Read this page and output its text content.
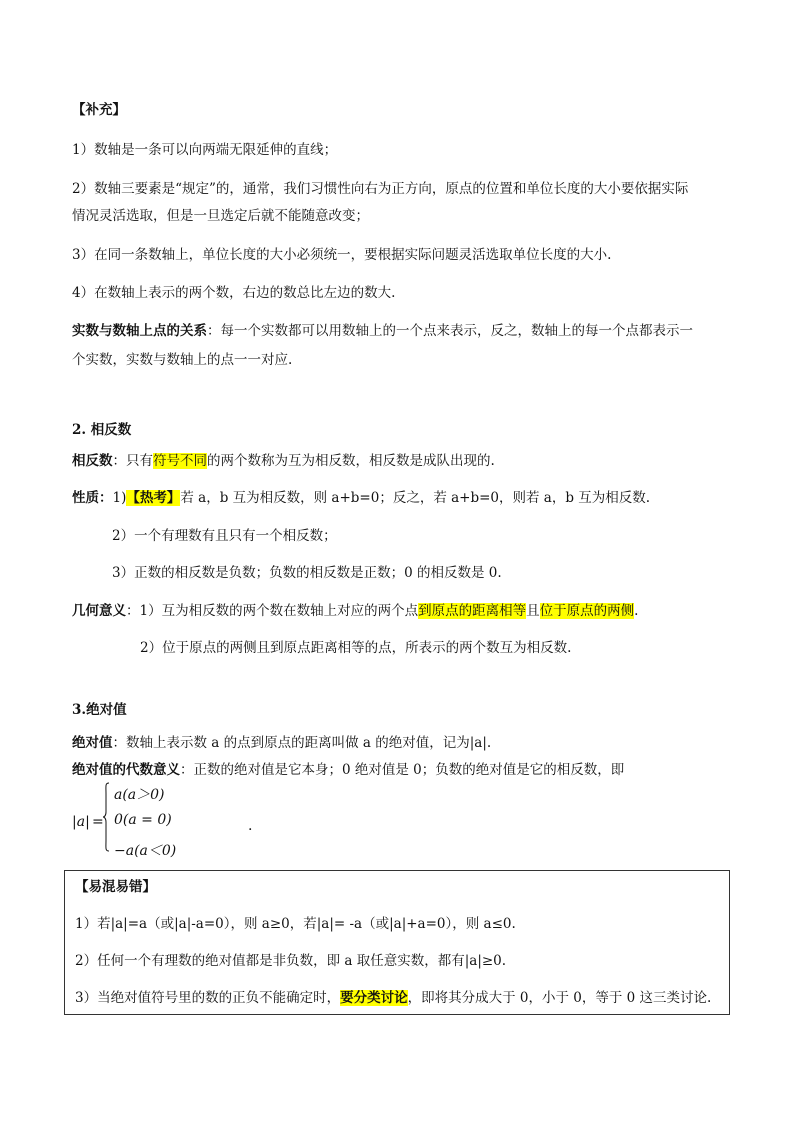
【补充】
1）数轴是一条可以向两端无限延伸的直线；
2）数轴三要素是“规定”的，通常，我们习惯性向右为正方向，原点的位置和单位长度的大小要依据实际
情况灵活选取，但是一旦选定后就不能随意改变；
3）在同一条数轴上，单位长度的大小必须统一，要根据实际问题灵活选取单位长度的大小.
4）在数轴上表示的两个数，右边的数总比左边的数大.
实数与数轴上点的关系：每一个实数都可以用数轴上的一个点来表示，反之，数轴上的每一个点都表示一
个实数，实数与数轴上的点一一对应.
2. 相反数
相反数：只有符号不同的两个数称为互为相反数，相反数是成队出现的.
性质：1)【热考】若 a，b 互为相反数，则 a+b=0；反之，若 a+b=0，则若 a，b 互为相反数.
2）一个有理数有且只有一个相反数；
3）正数的相反数是负数；负数的相反数是正数；0 的相反数是 0.
几何意义：1）互为相反数的两个数在数轴上对应的两个点到原点的距离相等且位于原点的两侧.
2）位于原点的两侧且到原点距离相等的点，所表示的两个数互为相反数.
3.绝对值
绝对值：数轴上表示数 a 的点到原点的距离叫做 a 的绝对值，记为|a|.
绝对值的代数意义：正数的绝对值是它本身；0 绝对值是 0；负数的绝对值是它的相反数，即
|a| =
a(a＞0)
0(a = 0)
−a(a＜0)
.
【易混易错】
1）若|a|=a（或|a|-a=0），则 a≥0，若|a|= -a（或|a|+a=0），则 a≤0.
2）任何一个有理数的绝对值都是非负数，即 a 取任意实数，都有|a|≥0.
3）当绝对值符号里的数的正负不能确定时，要分类讨论，即将其分成大于 0，小于 0，等于 0 这三类讨论.
